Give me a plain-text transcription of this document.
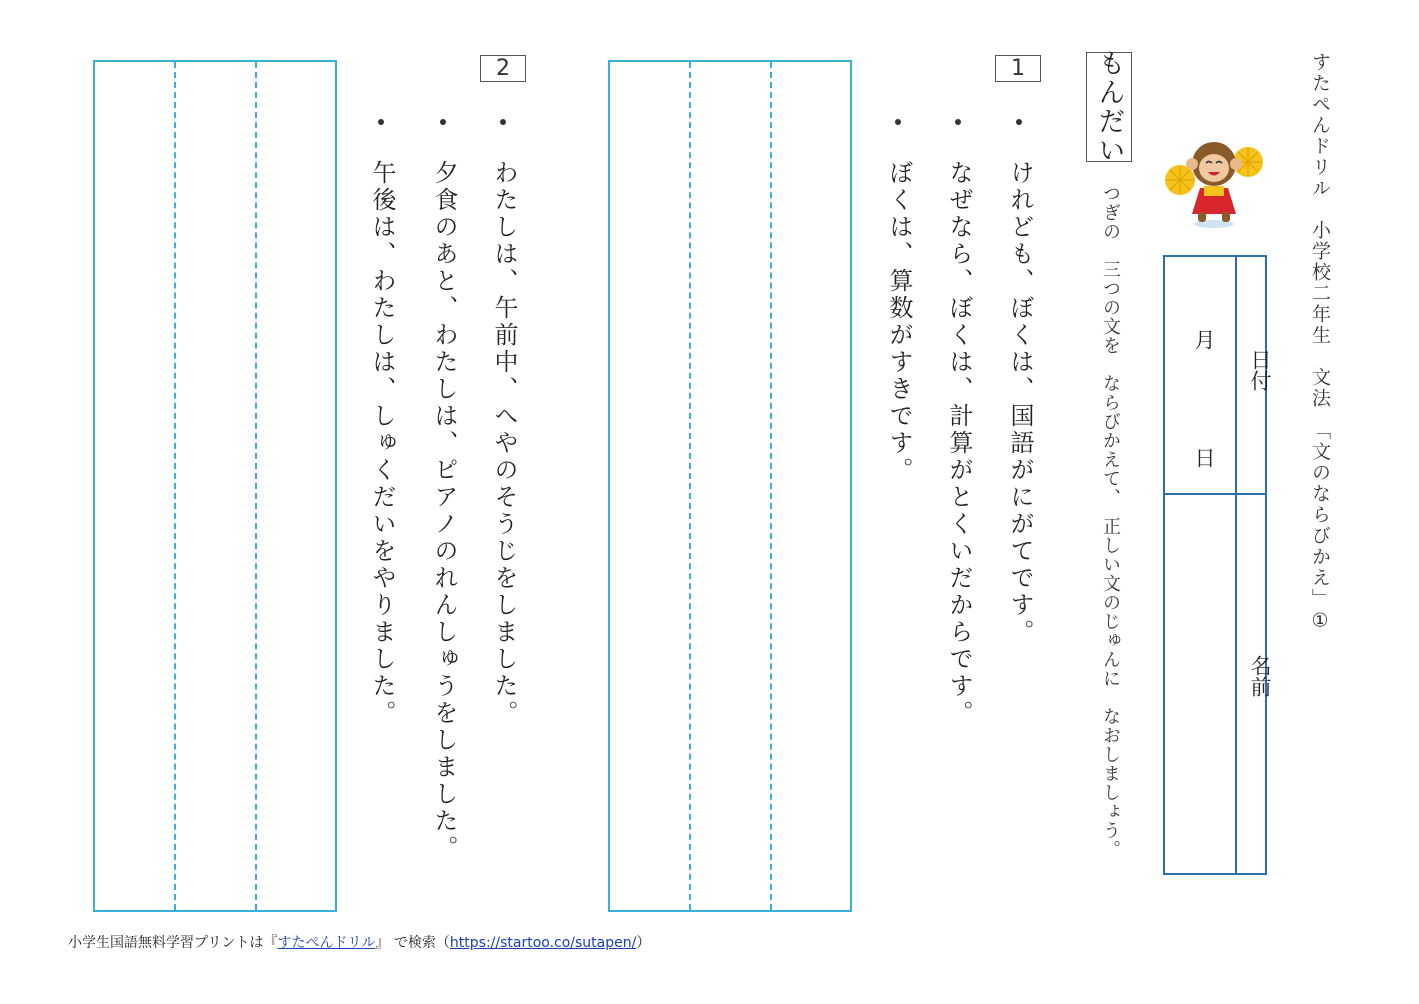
すたぺんドリル　小学校二年生　文法　「文のならびかえ」①
日付
月
日
名前
もんだい
つぎの　三つの文を　ならびかえて、　正しい文のじゅんに　なおしましょう。
1
けれども、ぼくは、国語がにがてです。
なぜなら、ぼくは、計算がとくいだからです。
ぼくは、算数がすきです。
2
わたしは、午前中、へやのそうじをしました。
夕食のあと、わたしは、ピアノのれんしゅうをしました。
午後は、わたしは、しゅくだいをやりました。
小学生国語無料学習プリントは『すたぺんドリル』 で検索（https://startoo.co/sutapen/）
